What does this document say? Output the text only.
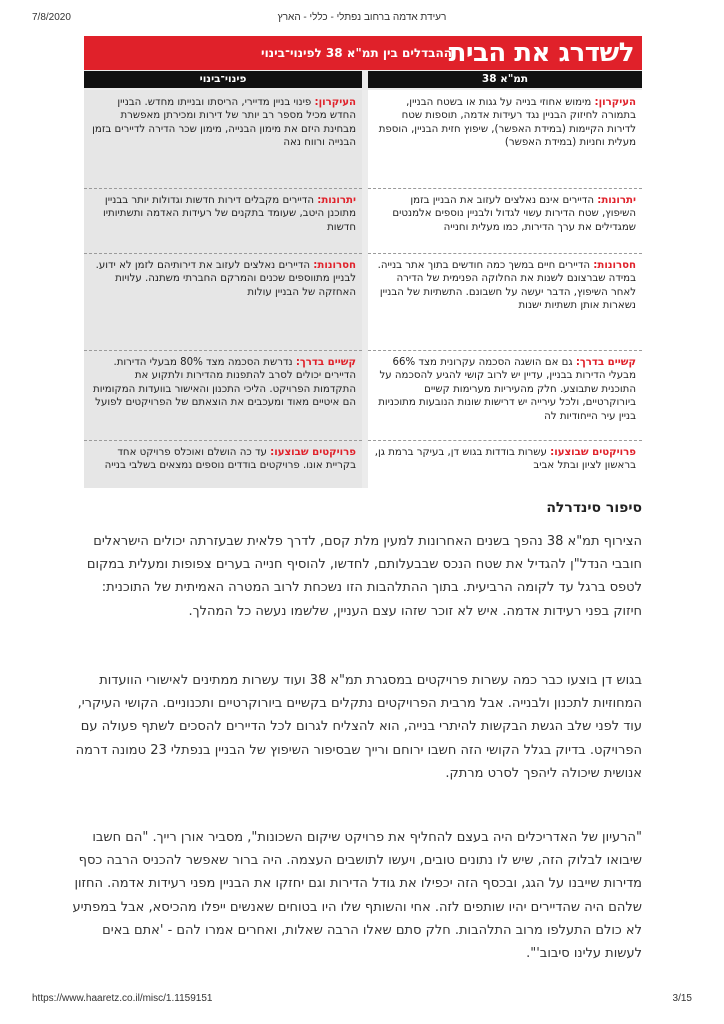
7/8/2020	רעידת אדמה ברחוב נפתלי - כללי - הארץ
לשדרג את הבית
ההבדלים בין תמ"א 38 לפינוי־בינוי
תמ"א 38
פינוי־בינוי
העיקרון: מימוש אחוזי בנייה על גגות או בשטח הבניין, בתמורה לחיזוק הבניין נגד רעידות אדמה, תוספות שטח לדירות הקיימות (במידת האפשר), שיפוץ חזית הבניין, הוספת מעלית וחניות (במידת האפשר)
יתרונות: הדיירים אינם נאלצים לעזוב את הבניין בזמן השיפוץ, שטח הדירות עשוי לגדול ולבניין נוספים אלמנטים שמגדילים את ערך הדירות, כמו מעלית וחנייה
חסרונות: הדיירים חיים במשך כמה חודשים בתוך אתר בנייה. במידה שברצונם לשנות את החלוקה הפנימית של הדירה לאחר השיפוץ, הדבר יעשה על חשבונם. התשתיות של הבניין נשארות אותן תשתיות ישנות
קשיים בדרך: גם אם הושגה הסכמה עקרונית מצד 66% מבעלי הדירות בבניין, עדיין יש לרוב קושי להגיע להסכמה על התוכנית שתבוצע. חלק מהעיריות מערימות קשיים ביורוקרטיים, ולכל עירייה יש דרישות שונות הנובעות מתוכניות בניין עיר הייחודיות לה
פרויקטים שבוצעו: עשרות בודדות בגוש דן, בעיקר ברמת גן, בראשון לציון ובתל אביב
העיקרון: פינוי בניין מדיירי, הריסתו ובנייתו מחדש. הבניין החדש מכיל מספר רב יותר של דירות ומכירתן מאפשרת מבחינת היזם את מימון הבנייה, מימון שכר הדירה לדיירים בזמן הבנייה ורווח נאה
יתרונות: הדיירים מקבלים דירות חדשות וגדולות יותר בבניין מתוכנן היטב, שעומד בתקנים של רעידות האדמה ותשתיותיו חדשות
חסרונות: הדיירים נאלצים לעזוב את דירותיהם לזמן לא ידוע. לבניין מתווספים שכנים והמרקם החברתי משתנה. עלויות האחזקה של הבניין עולות
קשיים בדרך: נדרשת הסכמה מצד 80% מבעלי הדירות. הדיירים יכולים לסרב להתפנות מהדירות ולתקוע את התקדמות הפרויקט. הליכי התכנון והאישור בוועדות המקומיות הם איטיים מאוד ומעכבים את הוצאתם של הפרויקטים לפועל
פרויקטים שבוצעו: עד כה הושלם ואוכלס פרויקט אחד בקריית אונו. פרויקטים בודדים נוספים נמצאים בשלבי בנייה
סיפור סינדרלה

הצירוף תמ"א 38 נהפך בשנים האחרונות למעין מלת קסם, לדרך פלאית שבעזרתה יכולים הישראלים חובבי הנדל"ן להגדיל את שטח הנכס שבבעלותם, לחדשו, להוסיף חנייה בערים צפופות ומעלית במקום לטפס ברגל עד לקומה הרביעית. בתוך ההתלהבות הזו נשכחת לרוב המטרה האמיתית של התוכנית: חיזוק בפני רעידות אדמה. איש לא זוכר שזהו עצם העניין, שלשמו נעשה כל המהלך.

בגוש דן בוצעו כבר כמה עשרות פרויקטים במסגרת תמ"א 38 ועוד עשרות ממתינים לאישורי הוועדות המחוזיות לתכנון ולבנייה. אבל מרבית הפרויקטים נתקלים בקשיים ביורוקרטיים ותכנוניים. הקושי העיקרי, עוד לפני שלב הגשת הבקשות להיתרי בנייה, הוא להצליח לגרום לכל הדיירים להסכים לשתף פעולה עם הפרויקט. בדיוק בגלל הקושי הזה חשבו ירוחם ורייך שבסיפור השיפוץ של הבניין בנפתלי 23 טמונה דרמה אנושית שיכולה ליהפך לסרט מרתק.

"הרעיון של האדריכלים היה בעצם להחליף את פרויקט שיקום השכונות", מסביר אורן רייך. "הם חשבו שיבואו לבלוק הזה, שיש לו נתונים טובים, ויעשו לתושבים העצמה. היה ברור שאפשר להכניס הרבה כסף מדירות שייבנו על הגג, ובכסף הזה יכפילו את גודל הדירות וגם יחזקו את הבניין מפני רעידות אדמה. החזון שלהם היה שהדיירים יהיו שותפים לזה. אחי והשותף שלו היו בטוחים שאנשים ייפלו מהכיסא, אבל במפתיע לא כולם התעלפו מרוב התלהבות. חלק סתם שאלו הרבה שאלות, ואחרים אמרו להם - 'אתם באים לעשות עלינו סיבוב'".

https://www.haaretz.co.il/misc/1.1159151	3/15
